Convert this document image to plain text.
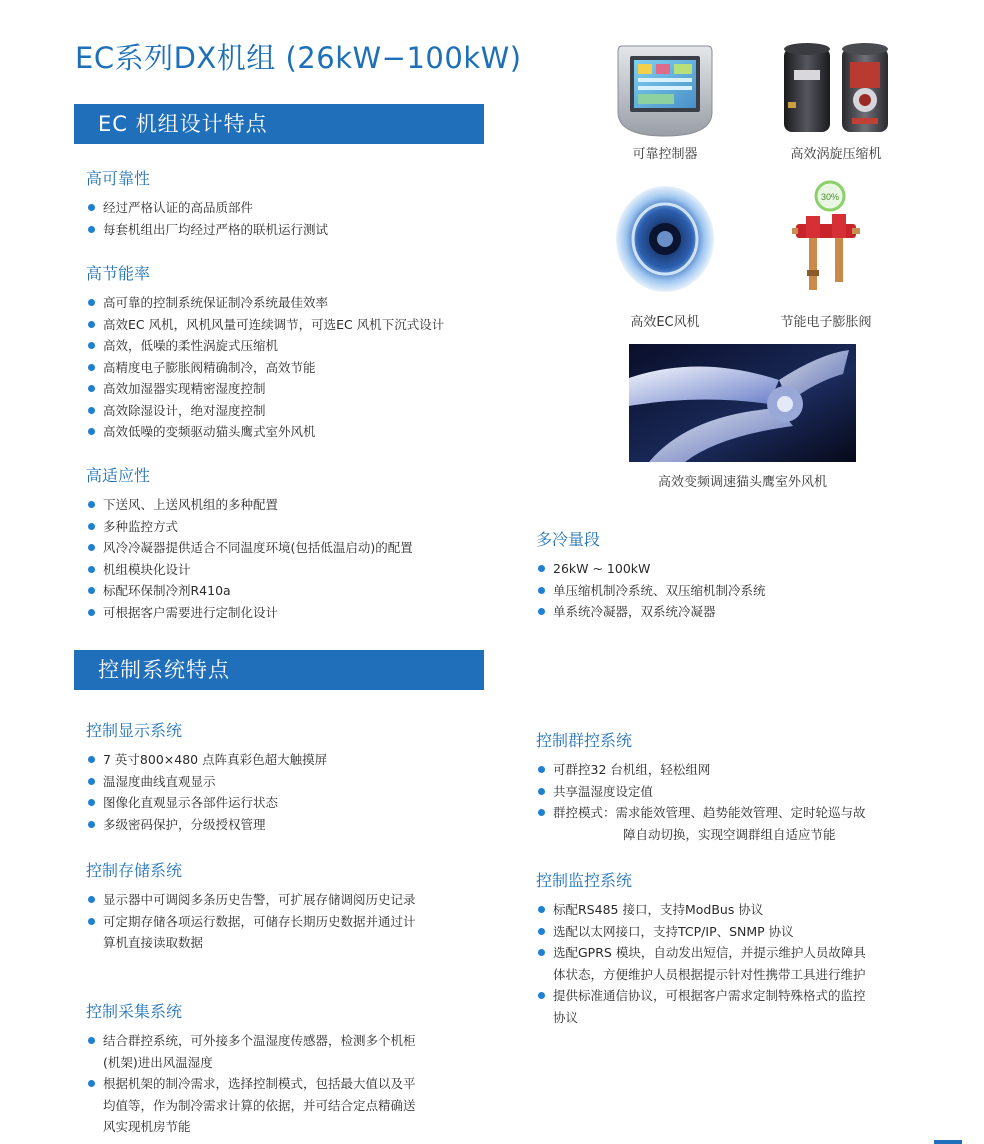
EC系列DX机组 (26kW−100kW)
EC 机组设计特点
高可靠性
经过严格认证的高品质部件
每套机组出厂均经过严格的联机运行测试
高节能率
高可靠的控制系统保证制冷系统最佳效率
高效EC 风机，风机风量可连续调节，可选EC 风机下沉式设计
高效，低噪的柔性涡旋式压缩机
高精度电子膨胀阀精确制冷，高效节能
高效加湿器实现精密湿度控制
高效除湿设计，绝对湿度控制
高效低噪的变频驱动猫头鹰式室外风机
高适应性
下送风、上送风机组的多种配置
多种监控方式
风冷冷凝器提供适合不同温度环境(包括低温启动)的配置
机组模块化设计
标配环保制冷剂R410a
可根据客户需要进行定制化设计
控制系统特点
控制显示系统
7 英寸800×480 点阵真彩色超大触摸屏
温湿度曲线直观显示
图像化直观显示各部件运行状态
多级密码保护，分级授权管理
控制存储系统
显示器中可调阅多条历史告警，可扩展存储调阅历史记录
可定期存储各项运行数据，可储存长期历史数据并通过计
算机直接读取数据
控制采集系统
结合群控系统，可外接多个温湿度传感器，检测多个机柜
(机架)进出风温湿度
根据机架的制冷需求，选择控制模式，包括最大值以及平
均值等，作为制冷需求计算的依据，并可结合定点精确送
风实现机房节能
多冷量段
26kW ~ 100kW
单压缩机制冷系统、双压缩机制冷系统
单系统冷凝器，双系统冷凝器
控制群控系统
可群控32 台机组，轻松组网
共享温湿度设定值
群控模式：需求能效管理、趋势能效管理、定时轮巡与故
障自动切换，实现空调群组自适应节能
控制监控系统
标配RS485 接口，支持ModBus 协议
选配以太网接口，支持TCP/IP、SNMP 协议
选配GPRS 模块，自动发出短信，并提示维护人员故障具
体状态，方便维护人员根据提示针对性携带工具进行维护
提供标准通信协议，可根据客户需求定制特殊格式的监控
协议
可靠控制器	高效涡旋压缩机
高效EC风机
30%
节能电子膨胀阀
高效变频调速猫头鹰室外风机
